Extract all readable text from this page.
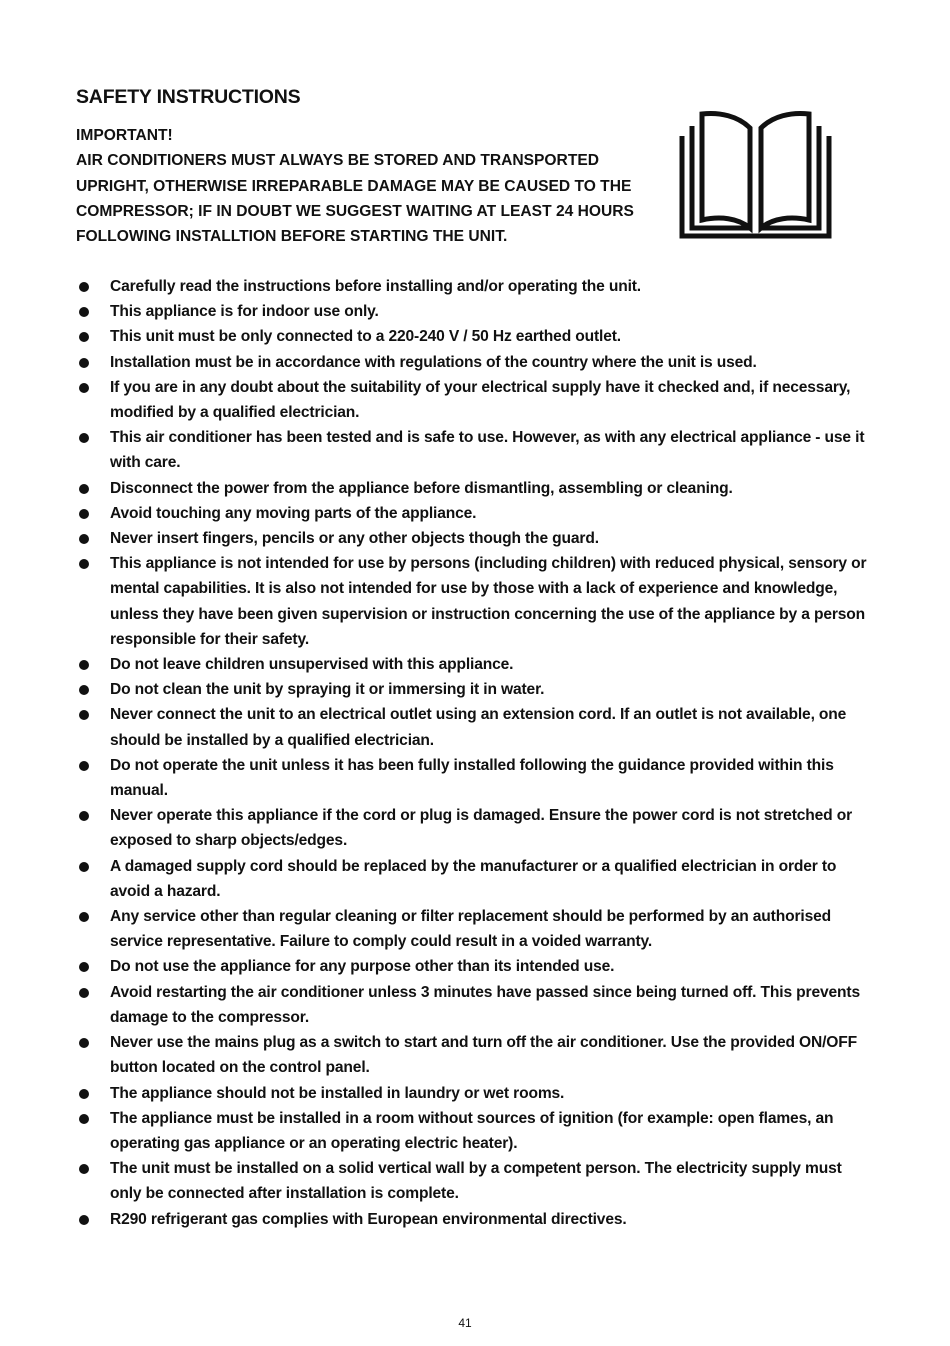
SAFETY INSTRUCTIONS
IMPORTANT!
AIR CONDITIONERS MUST ALWAYS BE STORED AND TRANSPORTED UPRIGHT, OTHERWISE IRREPARABLE DAMAGE MAY BE CAUSED TO THE COMPRESSOR; IF IN DOUBT WE SUGGEST WAITING AT LEAST 24 HOURS FOLLOWING INSTALLTION BEFORE STARTING THE UNIT.
Carefully read the instructions before installing and/or operating the unit.
This appliance is for indoor use only.
This unit must be only connected to a 220-240 V / 50 Hz earthed outlet.
Installation must be in accordance with regulations of the country where the unit is used.
If you are in any doubt about the suitability of your electrical supply have it checked and, if necessary, modified by a qualified electrician.
This air conditioner has been tested and is safe to use. However, as with any electrical appliance - use it with care.
Disconnect the power from the appliance before dismantling, assembling or cleaning.
Avoid touching any moving parts of the appliance.
Never insert fingers, pencils or any other objects though the guard.
This appliance is not intended for use by persons (including children) with reduced physical, sensory or mental capabilities. It is also not intended for use by those with a lack of experience and knowledge, unless they have been given supervision or instruction concerning the use of the appliance by a person responsible for their safety.
Do not leave children unsupervised with this appliance.
Do not clean the unit by spraying it or immersing it in water.
Never connect the unit to an electrical outlet using an extension cord. If an outlet is not available, one should be installed by a qualified electrician.
Do not operate the unit unless it has been fully installed following the guidance provided within this manual.
Never operate this appliance if the cord or plug is damaged. Ensure the power cord is not stretched or exposed to sharp objects/edges.
A damaged supply cord should be replaced by the manufacturer or a qualified electrician in order to avoid a hazard.
Any service other than regular cleaning or filter replacement should be performed by an authorised service representative. Failure to comply could result in a voided warranty.
Do not use the appliance for any purpose other than its intended use.
Avoid restarting the air conditioner unless 3 minutes have passed since being turned off. This prevents damage to the compressor.
Never use the mains plug as a switch to start and turn off the air conditioner. Use the provided ON/OFF button located on the control panel.
The appliance should not be installed in laundry or wet rooms.
The appliance must be installed in a room without sources of ignition (for example: open flames, an operating gas appliance or an operating electric heater).
The unit must be installed on a solid vertical wall by a competent person. The electricity supply must only be connected after installation is complete.
R290 refrigerant gas complies with European environmental directives.
41
